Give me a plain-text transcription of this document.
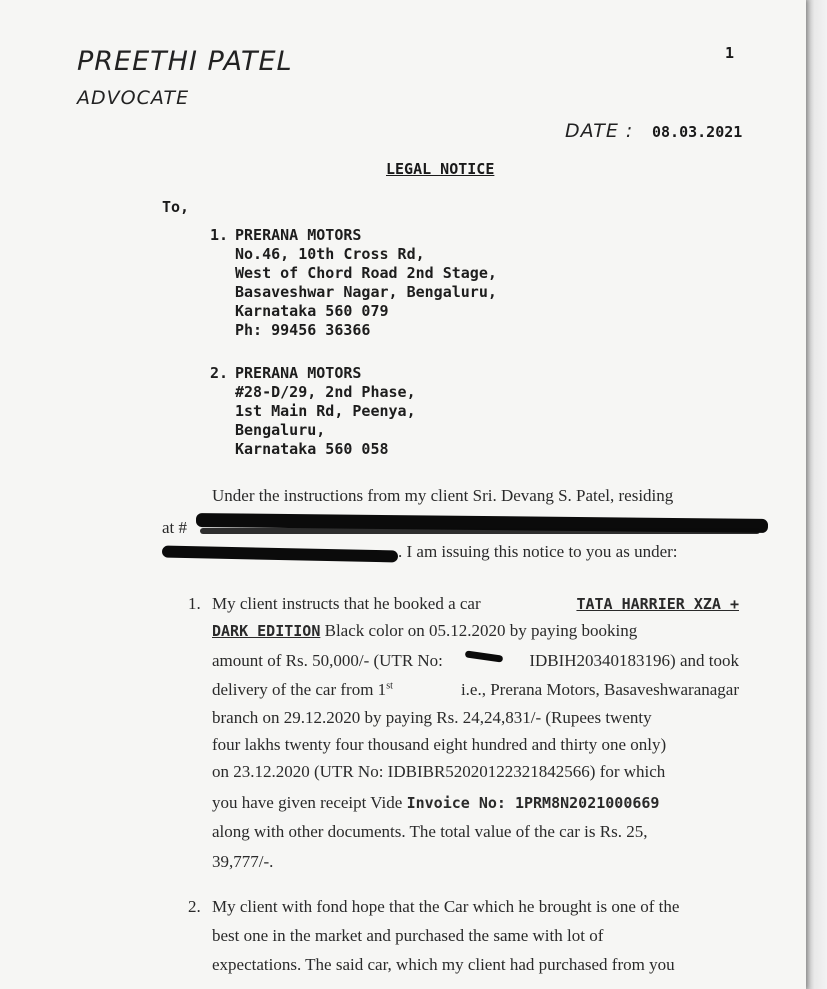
PREETHI PATEL
ADVOCATE
1
DATE : 08.03.2021
LEGAL NOTICE
To,
1. PRERANA MOTORS
No.46, 10th Cross Rd,
West of Chord Road 2nd Stage,
Basaveshwar Nagar, Bengaluru,
Karnataka 560 079
Ph: 99456 36366
2. PRERANA MOTORS
#28-D/29, 2nd Phase,
1st Main Rd, Peenya,
Bengaluru,
Karnataka 560 058
Under the instructions from my client Sri. Devang S. Patel, residing
at #
. I am issuing this notice to you as under:
1. My client instructs that he booked a car	TATA HARRIER XZA +
DARK EDITION Black color on 05.12.2020 by paying booking
amount of Rs. 50,000/- (UTR No:	IDBIH20340183196) and took
delivery of the car from 1st	i.e., Prerana Motors, Basaveshwaranagar
branch on 29.12.2020 by paying Rs. 24,24,831/- (Rupees twenty
four lakhs twenty four thousand eight hundred and thirty one only)
on 23.12.2020 (UTR No: IDBIBR52020122321842566) for which
you have given receipt Vide Invoice No: 1PRM8N2021000669
along with other documents. The total value of the car is Rs. 25,
39,777/-.
2. My client with fond hope that the Car which he brought is one of the
best one in the market and purchased the same with lot of
expectations. The said car, which my client had purchased from you
